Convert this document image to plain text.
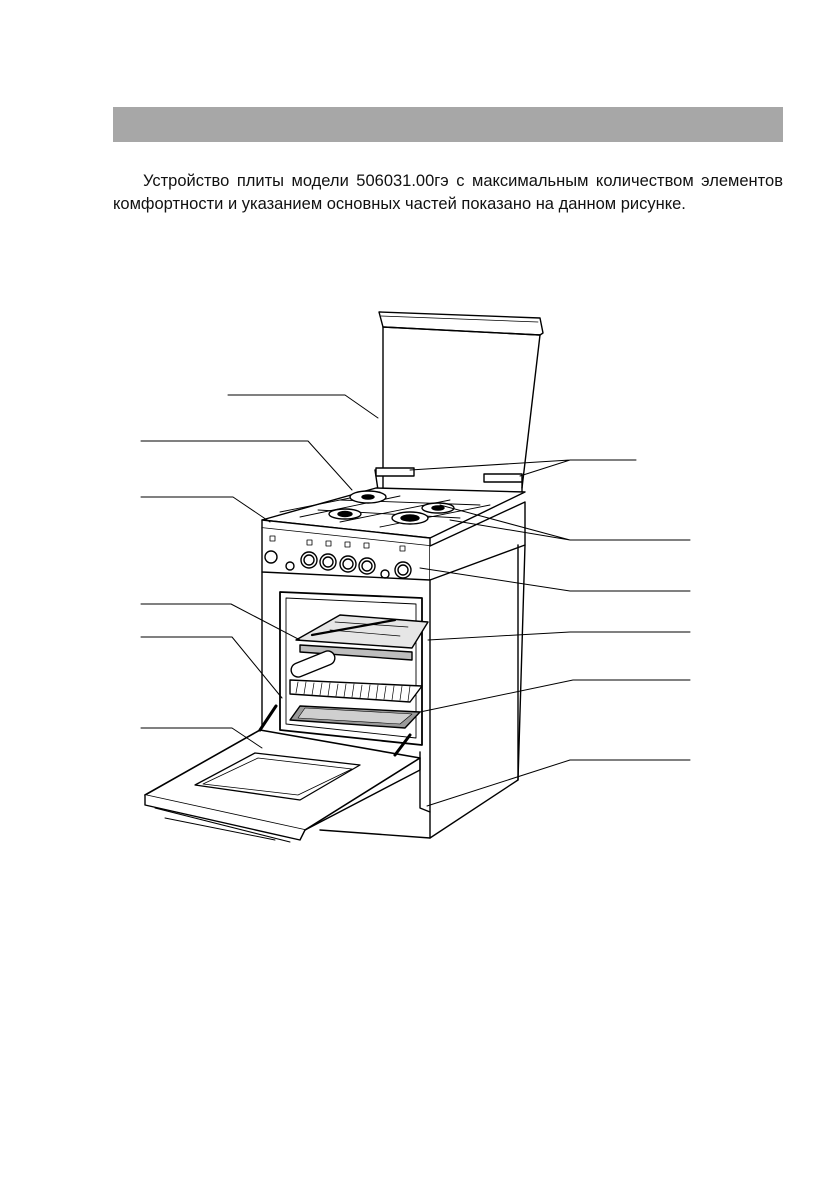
Устройство плиты модели 506031.00гэ с максимальным количеством элементов комфортности и указанием основных частей показано на данном рисунке.
